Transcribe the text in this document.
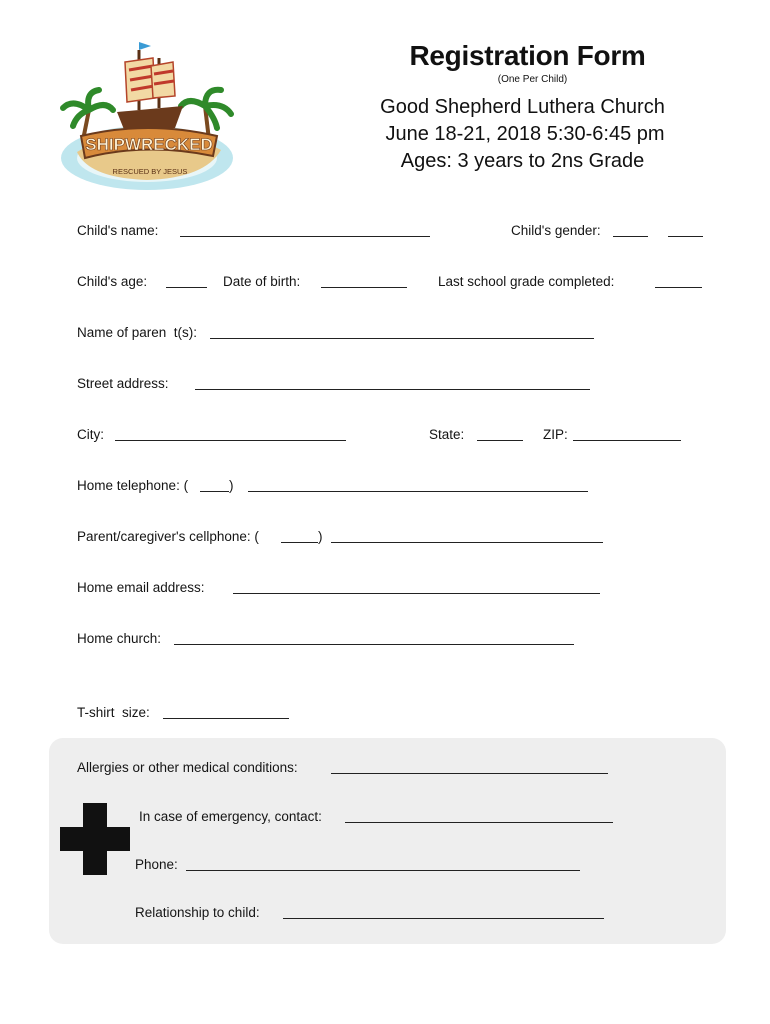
Registration Form
(One Per Child)
Good Shepherd Luthera Church
June 18-21, 2018 5:30-6:45 pm
Ages: 3 years to 2ns Grade
SHIPWRECKED
RESCUED BY JESUS
Child's name:	Child's gender:
Child's age:	Date of birth:	Last school grade completed:
Name of paren  t(s):
Street address:
City:	State:	ZIP:
Home telephone: (	)
Parent/caregiver's cellphone: (	)
Home email address:
Home church:
T-shirt  size:
Allergies or other medical conditions:
In case of emergency, contact:
Phone:
Relationship to child:
